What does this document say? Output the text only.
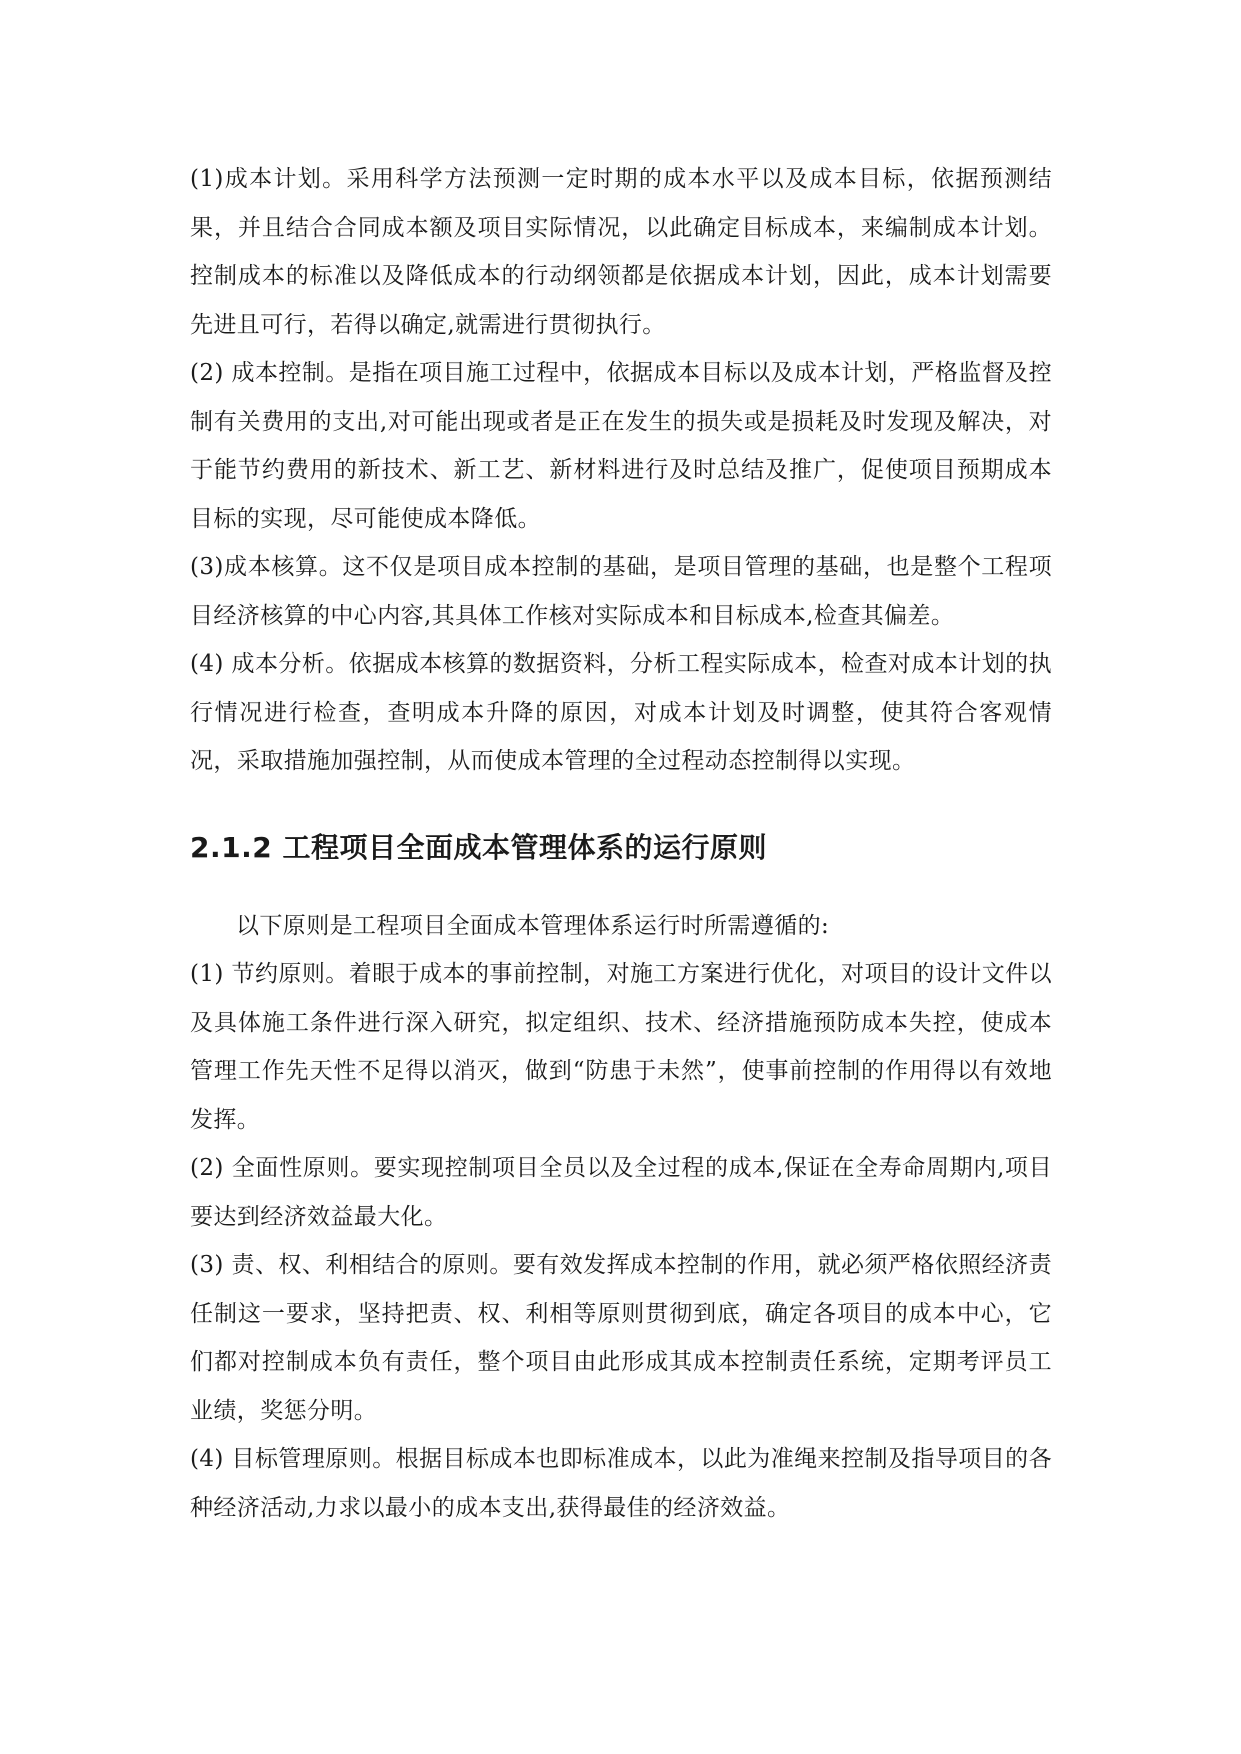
(1)成本计划。采用科学方法预测一定时期的成本水平以及成本目标，依据预测结果，并且结合合同成本额及项目实际情况，以此确定目标成本，来编制成本计划。控制成本的标准以及降低成本的行动纲领都是依据成本计划，因此，成本计划需要先进且可行，若得以确定,就需进行贯彻执行。

(2) 成本控制。是指在项目施工过程中，依据成本目标以及成本计划，严格监督及控制有关费用的支出,对可能出现或者是正在发生的损失或是损耗及时发现及解决，对于能节约费用的新技术、新工艺、新材料进行及时总结及推广，促使项目预期成本目标的实现，尽可能使成本降低。

(3)成本核算。这不仅是项目成本控制的基础，是项目管理的基础，也是整个工程项目经济核算的中心内容,其具体工作核对实际成本和目标成本,检查其偏差。

(4) 成本分析。依据成本核算的数据资料，分析工程实际成本，检查对成本计划的执行情况进行检查，查明成本升降的原因，对成本计划及时调整，使其符合客观情况，采取措施加强控制，从而使成本管理的全过程动态控制得以实现。

2.1.2 工程项目全面成本管理体系的运行原则

以下原则是工程项目全面成本管理体系运行时所需遵循的:

(1) 节约原则。着眼于成本的事前控制，对施工方案进行优化，对项目的设计文件以及具体施工条件进行深入研究，拟定组织、技术、经济措施预防成本失控，使成本管理工作先天性不足得以消灭，做到“防患于未然”，使事前控制的作用得以有效地发挥。

(2) 全面性原则。要实现控制项目全员以及全过程的成本,保证在全寿命周期内,项目要达到经济效益最大化。

(3) 责、权、利相结合的原则。要有效发挥成本控制的作用，就必须严格依照经济责任制这一要求，坚持把责、权、利相等原则贯彻到底，确定各项目的成本中心，它们都对控制成本负有责任，整个项目由此形成其成本控制责任系统，定期考评员工业绩，奖惩分明。

(4) 目标管理原则。根据目标成本也即标准成本，以此为准绳来控制及指导项目的各种经济活动,力求以最小的成本支出,获得最佳的经济效益。
